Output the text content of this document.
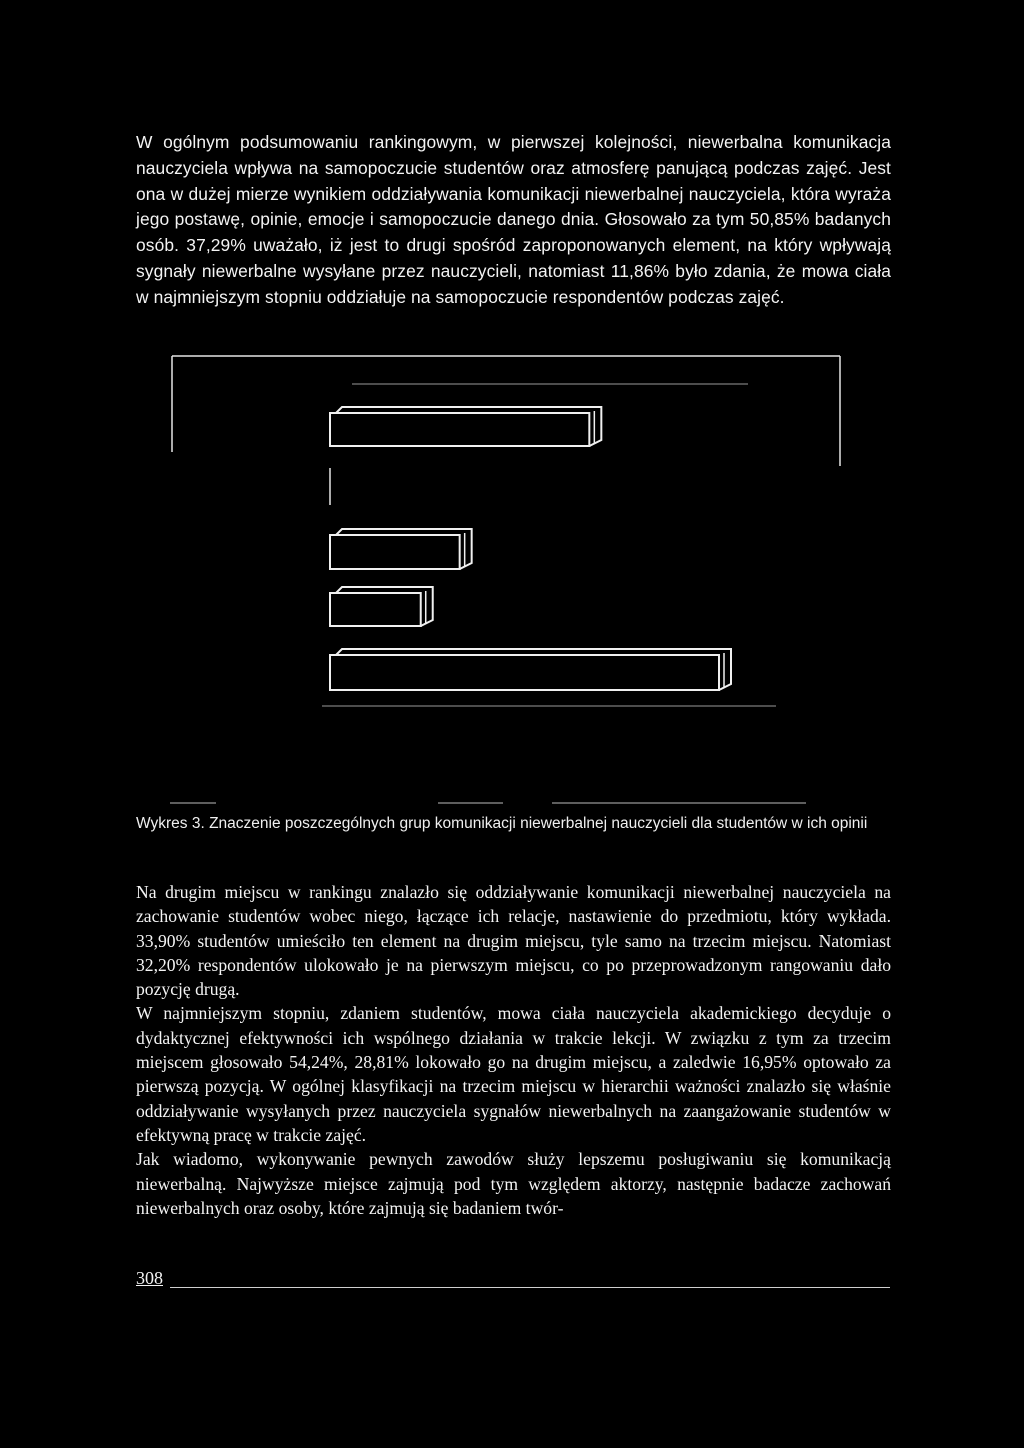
W ogólnym podsumowaniu rankingowym, w pierwszej kolejności, niewerbalna komunikacja nauczyciela wpływa na samopoczucie studentów oraz atmosferę panującą podczas zajęć. Jest ona w dużej mierze wynikiem oddziaływania komunikacji niewerbalnej nauczyciela, która wyraża jego postawę, opinie, emocje i samopoczucie danego dnia. Głosowało za tym 50,85% badanych osób. 37,29% uważało, iż jest to drugi spośród zaproponowanych element, na który wpływają sygnały niewerbalne wysyłane przez nauczycieli, natomiast 11,86% było zdania, że mowa ciała w najmniejszym stopniu oddziałuje na samopoczucie respondentów podczas zajęć.

Wykres 3. Znaczenie poszczególnych grup komunikacji niewerbalnej nauczycieli dla studentów w ich opinii

Na drugim miejscu w rankingu znalazło się oddziaływanie komunikacji niewerbalnej nauczyciela na zachowanie studentów wobec niego, łączące ich relacje, nastawienie do przedmiotu, który wykłada. 33,90% studentów umieściło ten element na drugim miejscu, tyle samo na trzecim miejscu. Natomiast 32,20% respondentów ulokowało je na pierwszym miejscu, co po przeprowadzonym rangowaniu dało pozycję drugą.

W najmniejszym stopniu, zdaniem studentów, mowa ciała nauczyciela akademickiego decyduje o dydaktycznej efektywności ich wspólnego działania w trakcie lekcji. W związku z tym za trzecim miejscem głosowało 54,24%, 28,81% lokowało go na drugim miejscu, a zaledwie 16,95% optowało za pierwszą pozycją. W ogólnej klasyfikacji na trzecim miejscu w hierarchii ważności znalazło się właśnie oddziaływanie wysyłanych przez nauczyciela sygnałów niewerbalnych na zaangażowanie studentów w efektywną pracę w trakcie zajęć.

Jak wiadomo, wykonywanie pewnych zawodów służy lepszemu posługiwaniu się komunikacją niewerbalną. Najwyższe miejsce zajmują pod tym względem aktorzy, następnie badacze zachowań niewerbalnych oraz osoby, które zajmują się badaniem twór-

308
